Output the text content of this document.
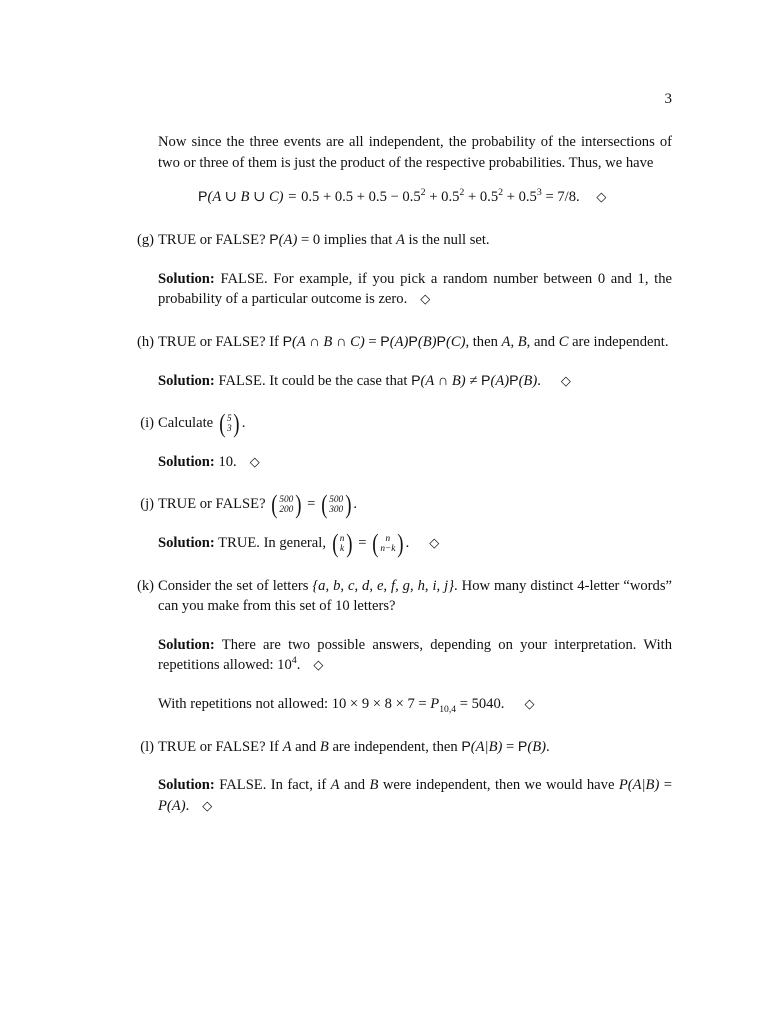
3

Now since the three events are all independent, the probability of the intersections of two or three of them is just the product of the respective probabilities. Thus, we have

P(A ∪ B ∪ $C) = 0.5 + 0.5 + 0.5 - 0.5^2 + 0.5^2 + 0.5^2 + 0.5^3 = 7/8$. ◇
(g) TRUE or FALSE? P(A) = 0 implies that A is the null set.
Solution: FALSE. For example, if you pick a random number between 0 and 1, the probability of a particular outcome is zero. ◇
(h) TRUE or FALSE? If P(A ∩ B ∩ C) = P(A)P(B)P(C), then A, B, and C are independent.
Solution: FALSE. It could be the case that P(A ∩ B) ≠ P(A)P(B). ◇
(i) Calculate ( 5
3 ) .
Solution: 10. ◇
(j) TRUE or FALSE? ( 500
200 ) = ( 500
300 ) .
Solution: TRUE. In general, ( n
k ) = ( n
n−k ) . ◇
(k) Consider the set of letters {a, b, c, d, e, f, g, h, i, j}. How many distinct 4-letter “words” can you make from this set of 10 letters?
Solution: There are two possible answers, depending on your interpretation. With repetitions allowed: $10^4$. ◇
With repetitions not allowed: $10 \times 9 \times 8 \times 7 = P_{10,4} = 5040$. ◇
(l) TRUE or FALSE? If A and B are independent, then P(A|B) = P(B).
Solution: FALSE. In fact, if A and B were independent, then we would have P(A|B) = P(A). ◇
